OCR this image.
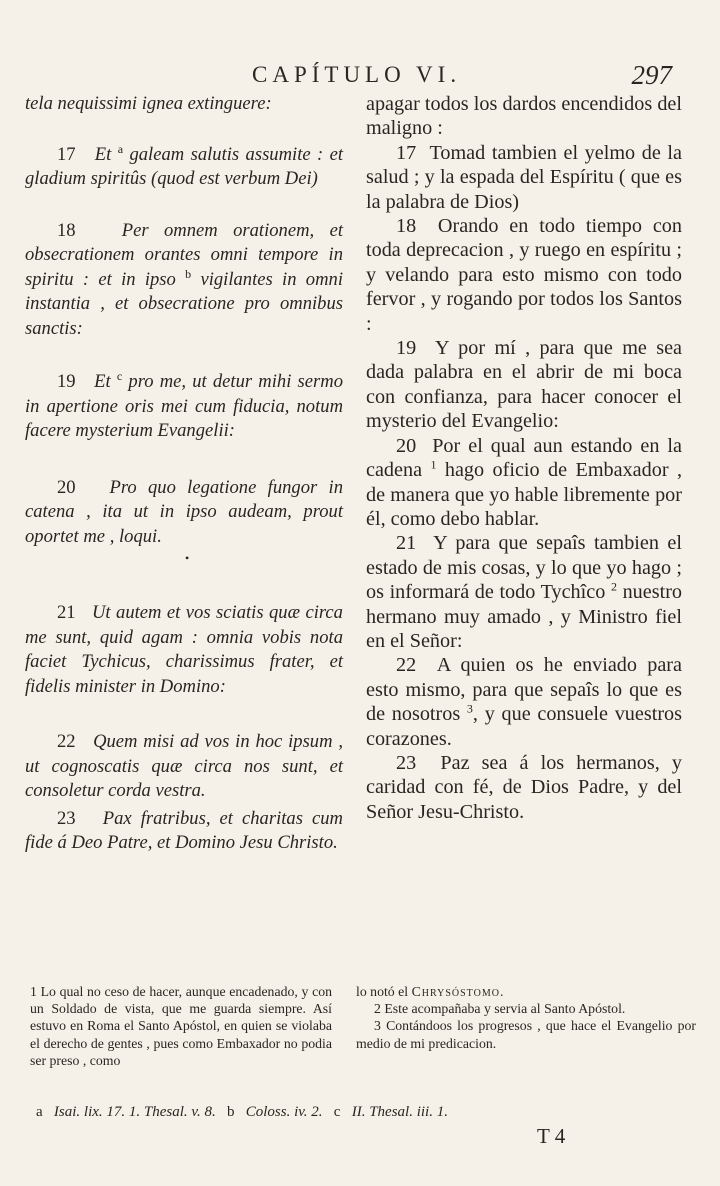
CAPÍTULO VI.	297

tela nequissimi ignea extinguere:

17 Et $^a$ galeam salutis assumite : et gladium spiritûs (quod est verbum Dei)

18 Per omnem orationem, et obsecrationem orantes omni tempore in spiritu : et in ipso $^b$ vigilantes in omni instantia , et obsecratione pro omnibus sanctis:

19 Et $^c$ pro me, ut detur mihi sermo in apertione oris mei cum fiducia, notum facere mysterium Evangelii:

20 Pro quo legatione fungor in catena , ita ut in ipso audeam, prout oportet me , loqui.

•

21 Ut autem et vos sciatis quæ circa me sunt, quid agam : omnia vobis nota faciet Tychicus, charissimus frater, et fidelis minister in Domino:

22 Quem misi ad vos in hoc ipsum , ut cognoscatis quæ circa nos sunt, et consoletur corda vestra.

23 Pax fratribus, et charitas cum fide á Deo Patre, et Domino Jesu Christo.

apagar todos los dardos encendidos del maligno :

17 Tomad tambien el yelmo de la salud ; y la espada del Espíritu ( que es la palabra de Dios)

18 Orando en todo tiempo con toda deprecacion , y ruego en espíritu ; y velando para esto mismo con todo fervor , y rogando por todos los Santos :

19 Y por mí , para que me sea dada palabra en el abrir de mi boca con confianza, para hacer conocer el mysterio del Evangelio:

20 Por el qual aun estando en la cadena $^1$ hago oficio de Embaxador , de manera que yo hable libremente por él, como debo hablar.

21 Y para que sepaîs tambien el estado de mis cosas, y lo que yo hago ; os informará de todo Tychîco $^2$ nuestro hermano muy amado , y Ministro fiel en el Señor:

22 A quien os he enviado para esto mismo, para que sepaîs lo que es de nosotros $^3$, y que consuele vuestros corazones.

23 Paz sea á los hermanos, y caridad con fé, de Dios Padre, y del Señor Jesu-Christo.

1 Lo qual no ceso de hacer, aunque encadenado, y con un Soldado de vista, que me guarda siempre. Así estuvo en Roma el Santo Apóstol, en quien se violaba el derecho de gentes , pues como Embaxador no podia ser preso , como

lo notó el Chrysóstomo.

2 Este acompañaba y servia al Santo Apóstol.

3 Contándoos los progresos , que hace el Evangelio por medio de mi predicacion.

a Isai. lix. 17. 1. Thesal. v. 8. b Coloss. iv. 2. c II. Thesal. iii. 1.
T 4
